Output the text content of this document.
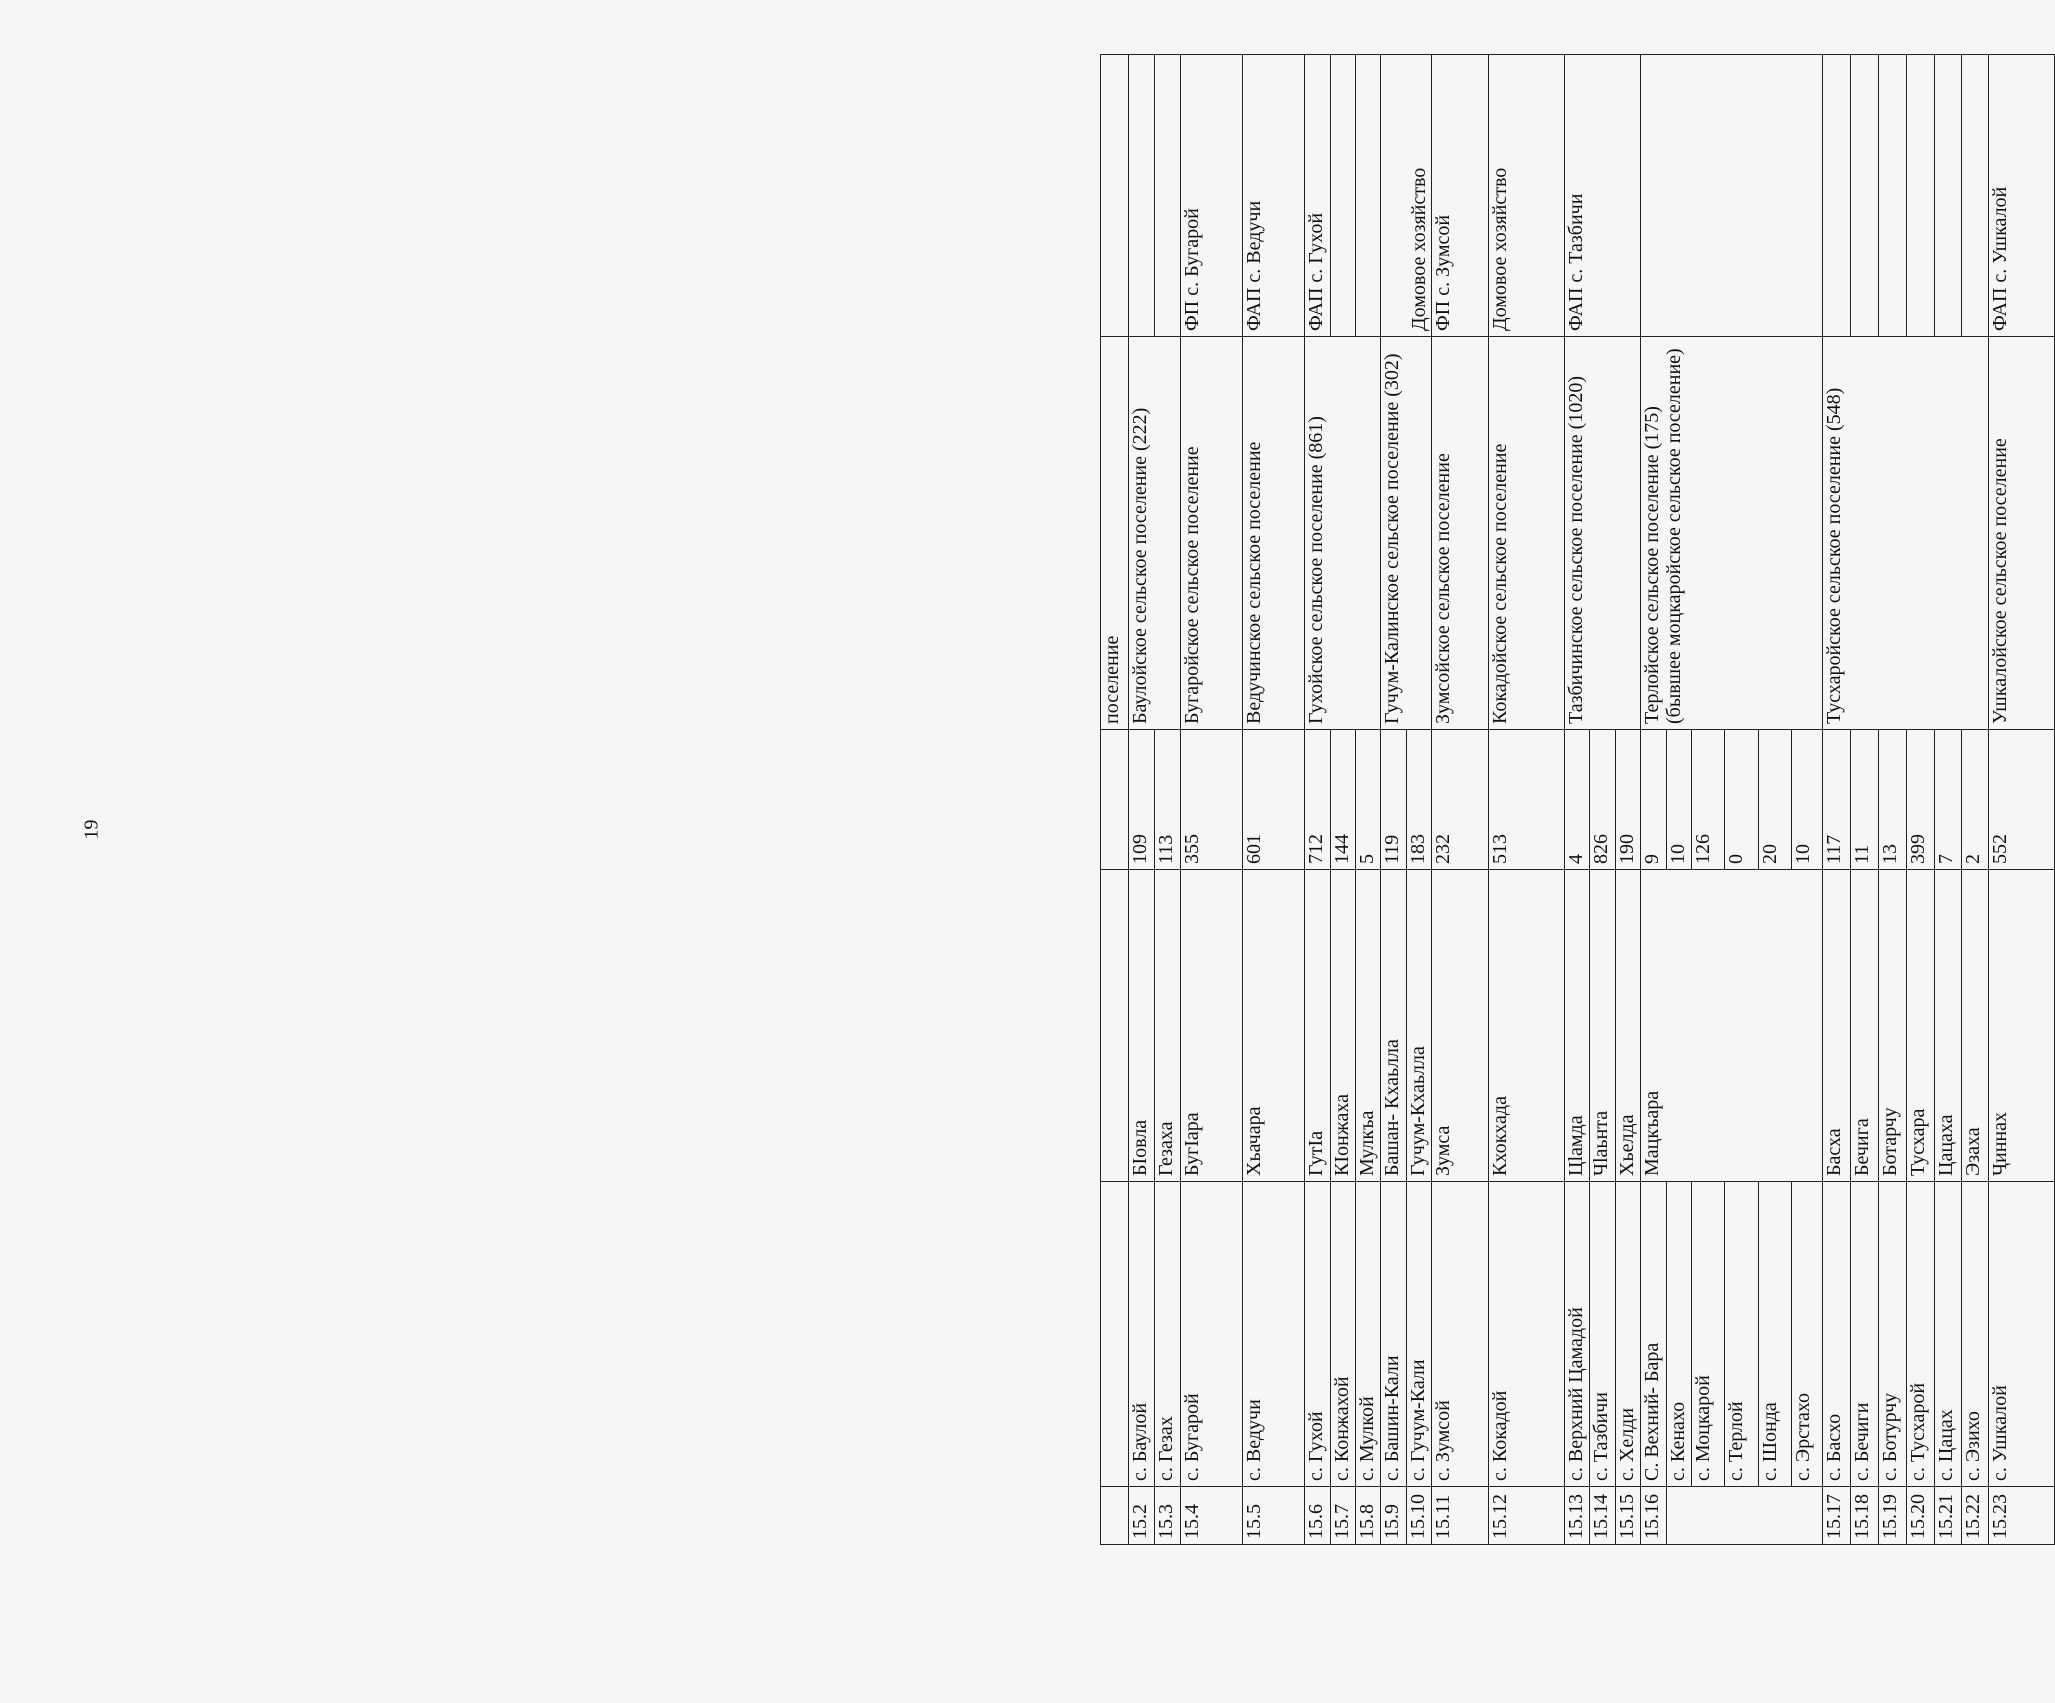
19
				поселение	
15.2	с. Баулой	БӀовла	109	Баулойское сельское поселение (222)	
15.3	с. Гезах	Гезаха	113		
15.4	с. Бугарой	БугӀара	355	Бугаройское сельское поселение	ФП с. Бугарой
15.5	с. Ведучи	Хьачара	601	Ведучинское сельское поселение	ФАП с. Ведучи
15.6	с. Гухой	ГутӀа	712	Гухойское сельское поселение (861)	ФАП с. Гухой
15.7	с. Конжахой	КӀонжаха	144		
15.8	с. Мулкой	Мулкъа	5		
15.9	с. Башин-Кали	Башан- Кхаьлла	119	Гучум-Калинское сельское поселение (302)	Домовое хозяйство
15.10	с. Гучум-Кали	Гучум-Кхаьлла	183		
15.11	с. Зумсой	Зумса	232	Зумсойское сельское поселение	ФП с. Зумсой
15.12	с. Кокадой	Кхокхада	513	Кокадойское сельское поселение	Домовое хозяйство
15.13	с. Верхний Цамадой	Цӏамда	4	Тазбичинское сельское поселение (1020)	ФАП с. Тазбичи
15.14	с. Тазбичи	Чӏаьнта	826		
15.15	с. Хелди	Хьелда	190		
15.16	С. Вехний- Бара	Мацкъара	9	Терлойское сельское поселение (175) (бывшее моцкаройское сельское поселение)	
	с. Кенахо		10		
	с. Моцкарой		126		
	с. Терлой		0		
	с. Шонда		20		
	с. Эрстахо		10		
15.17	с. Басхо	Басха	117	Тусхаройское сельское поселение (548)	
15.18	с. Бечиги	Бечига	11		
15.19	с. Ботурчу	Ботарчу	13		
15.20	с. Тусхарой	Тусхара	399		
15.21	с. Цацах	Цацаха	7		
15.22	с. Эзихо	Эзаха	2		
15.23	с. Ушкалой	Ҷиннах	552	Ушкалойское сельское поселение	ФАП с. Ушкалой
